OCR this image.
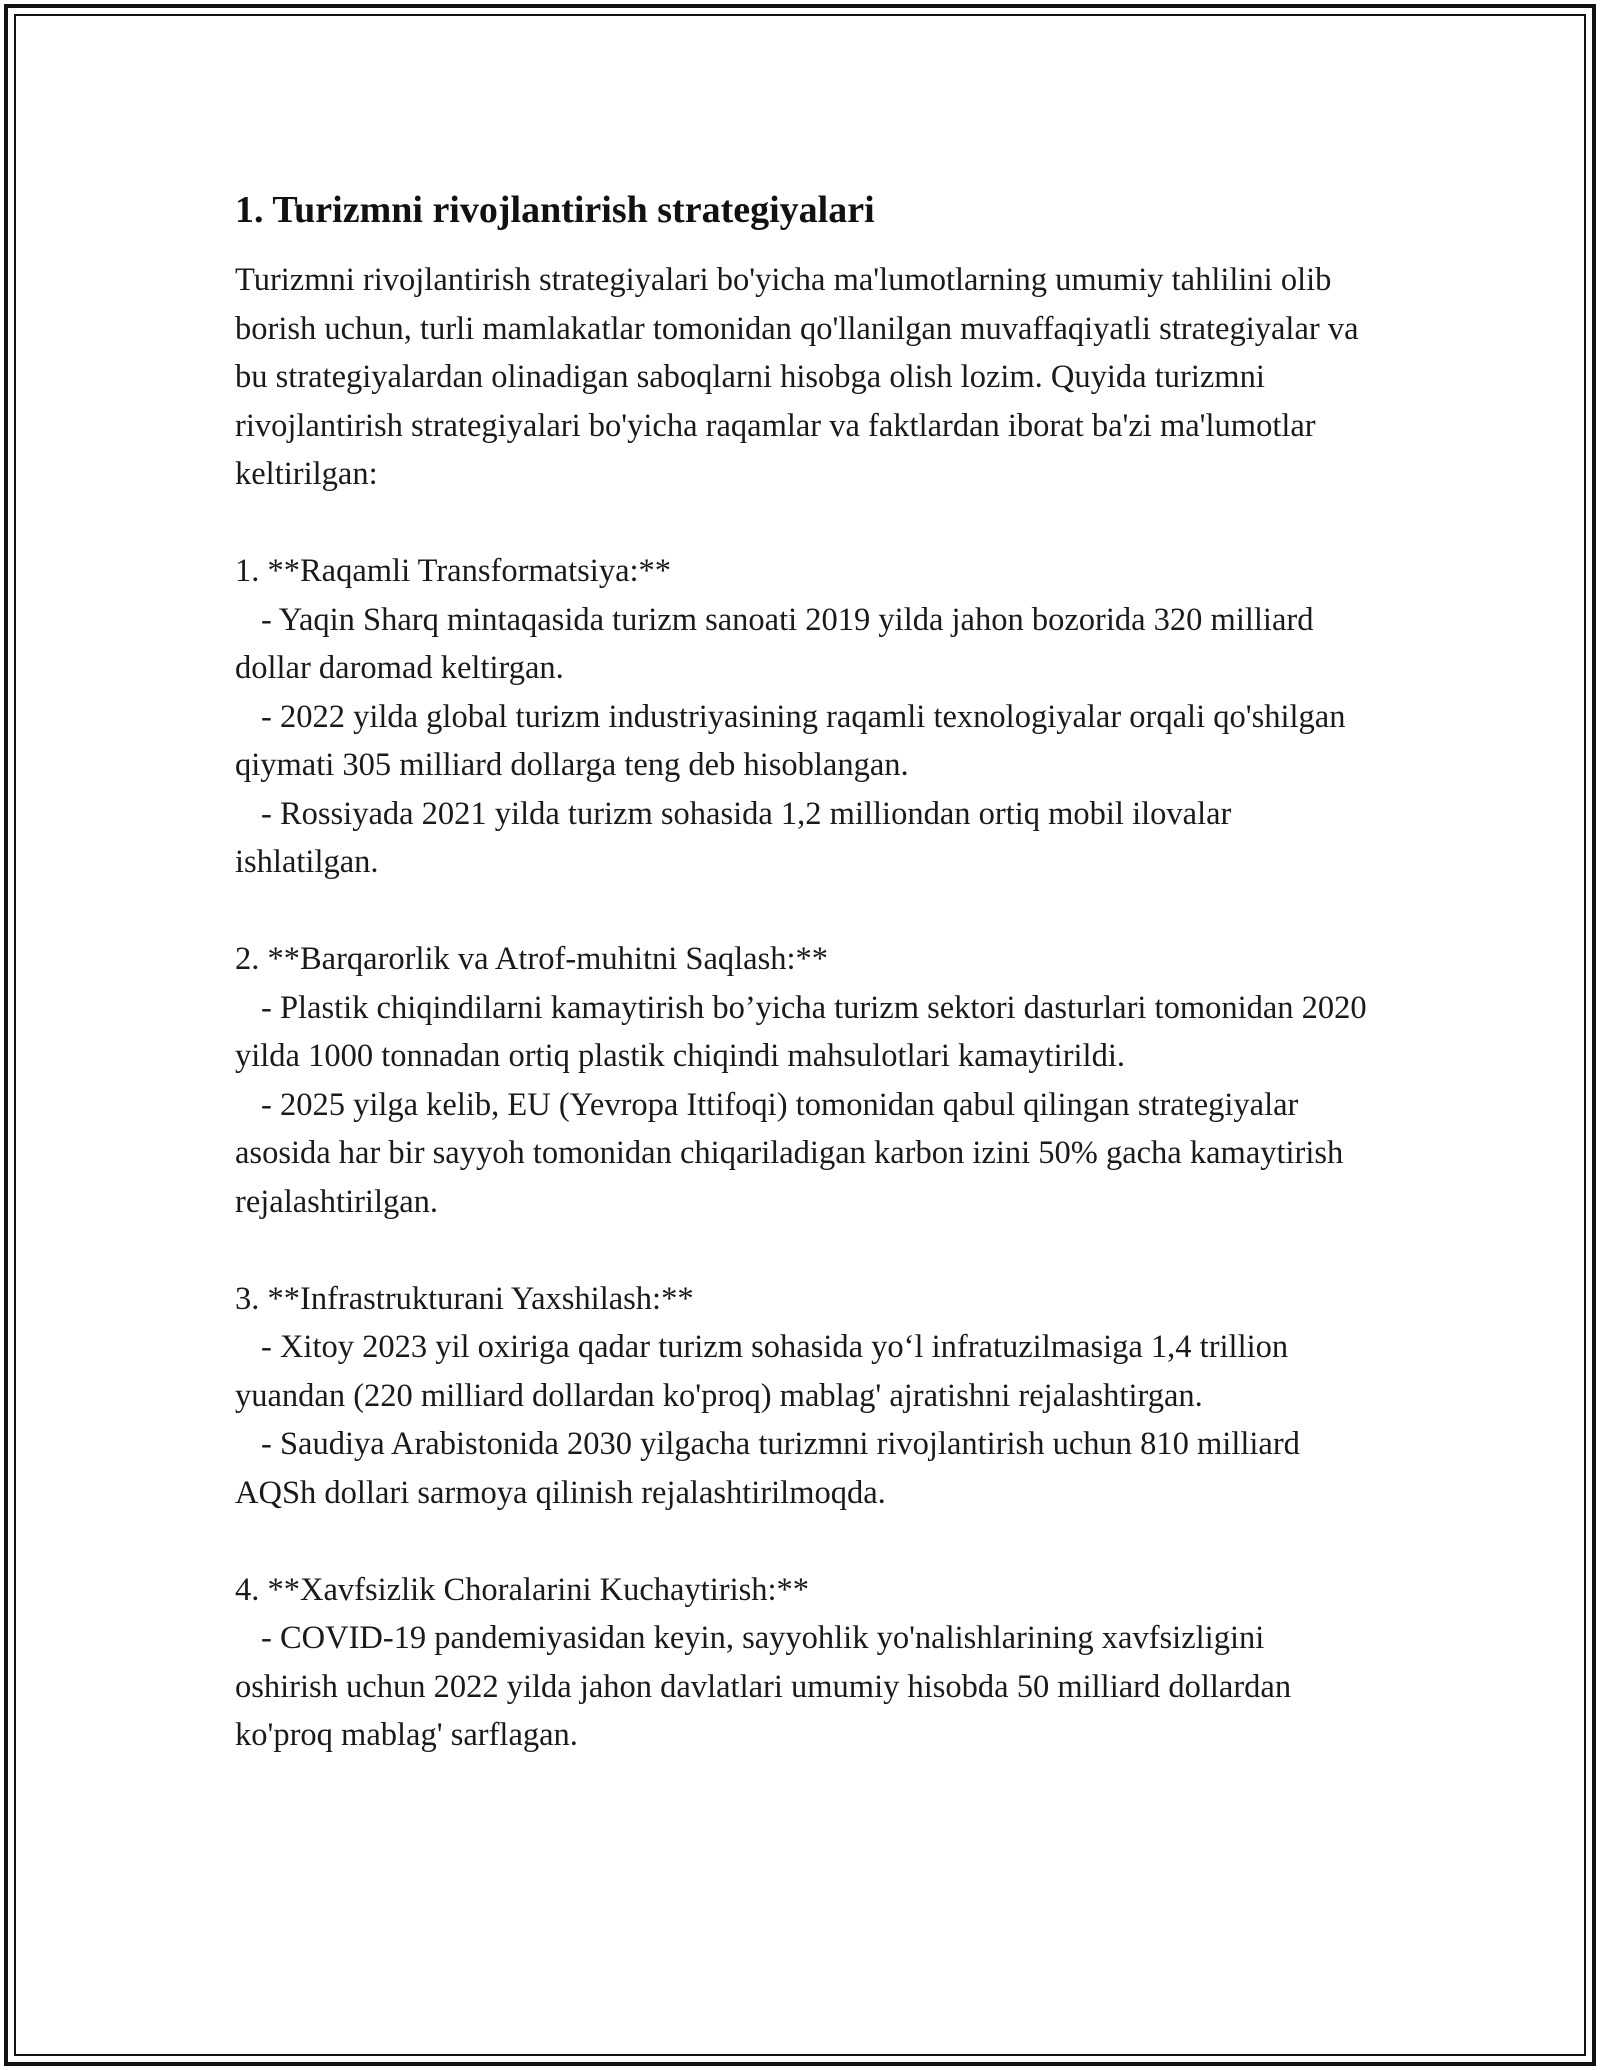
1. Turizmni rivojlantirish strategiyalari

Turizmni rivojlantirish strategiyalari bo'yicha ma'lumotlarning umumiy tahlilini olib borish uchun, turli mamlakatlar tomonidan qo'llanilgan muvaffaqiyatli strategiyalar va bu strategiyalardan olinadigan saboqlarni hisobga olish lozim. Quyida turizmni rivojlantirish strategiyalari bo'yicha raqamlar va faktlardan iborat ba'zi ma'lumotlar keltirilgan:

1. **Raqamli Transformatsiya:**

- Yaqin Sharq mintaqasida turizm sanoati 2019 yilda jahon bozorida 320 milliard dollar daromad keltirgan.

- 2022 yilda global turizm industriyasining raqamli texnologiyalar orqali qo'shilgan qiymati 305 milliard dollarga teng deb hisoblangan.

- Rossiyada 2021 yilda turizm sohasida 1,2 milliondan ortiq mobil ilovalar ishlatilgan.

2. **Barqarorlik va Atrof-muhitni Saqlash:**

- Plastik chiqindilarni kamaytirish bo’yicha turizm sektori dasturlari tomonidan 2020 yilda 1000 tonnadan ortiq plastik chiqindi mahsulotlari kamaytirildi.

- 2025 yilga kelib, EU (Yevropa Ittifoqi) tomonidan qabul qilingan strategiyalar asosida har bir sayyoh tomonidan chiqariladigan karbon izini 50% gacha kamaytirish rejalashtirilgan.

3. **Infrastrukturani Yaxshilash:**

- Xitoy 2023 yil oxiriga qadar turizm sohasida yo‘l infratuzilmasiga 1,4 trillion yuandan (220 milliard dollardan ko'proq) mablag' ajratishni rejalashtirgan.

- Saudiya Arabistonida 2030 yilgacha turizmni rivojlantirish uchun 810 milliard AQSh dollari sarmoya qilinish rejalashtirilmoqda.

4. **Xavfsizlik Choralarini Kuchaytirish:**

- COVID-19 pandemiyasidan keyin, sayyohlik yo'nalishlarining xavfsizligini oshirish uchun 2022 yilda jahon davlatlari umumiy hisobda 50 milliard dollardan ko'proq mablag' sarflagan.
